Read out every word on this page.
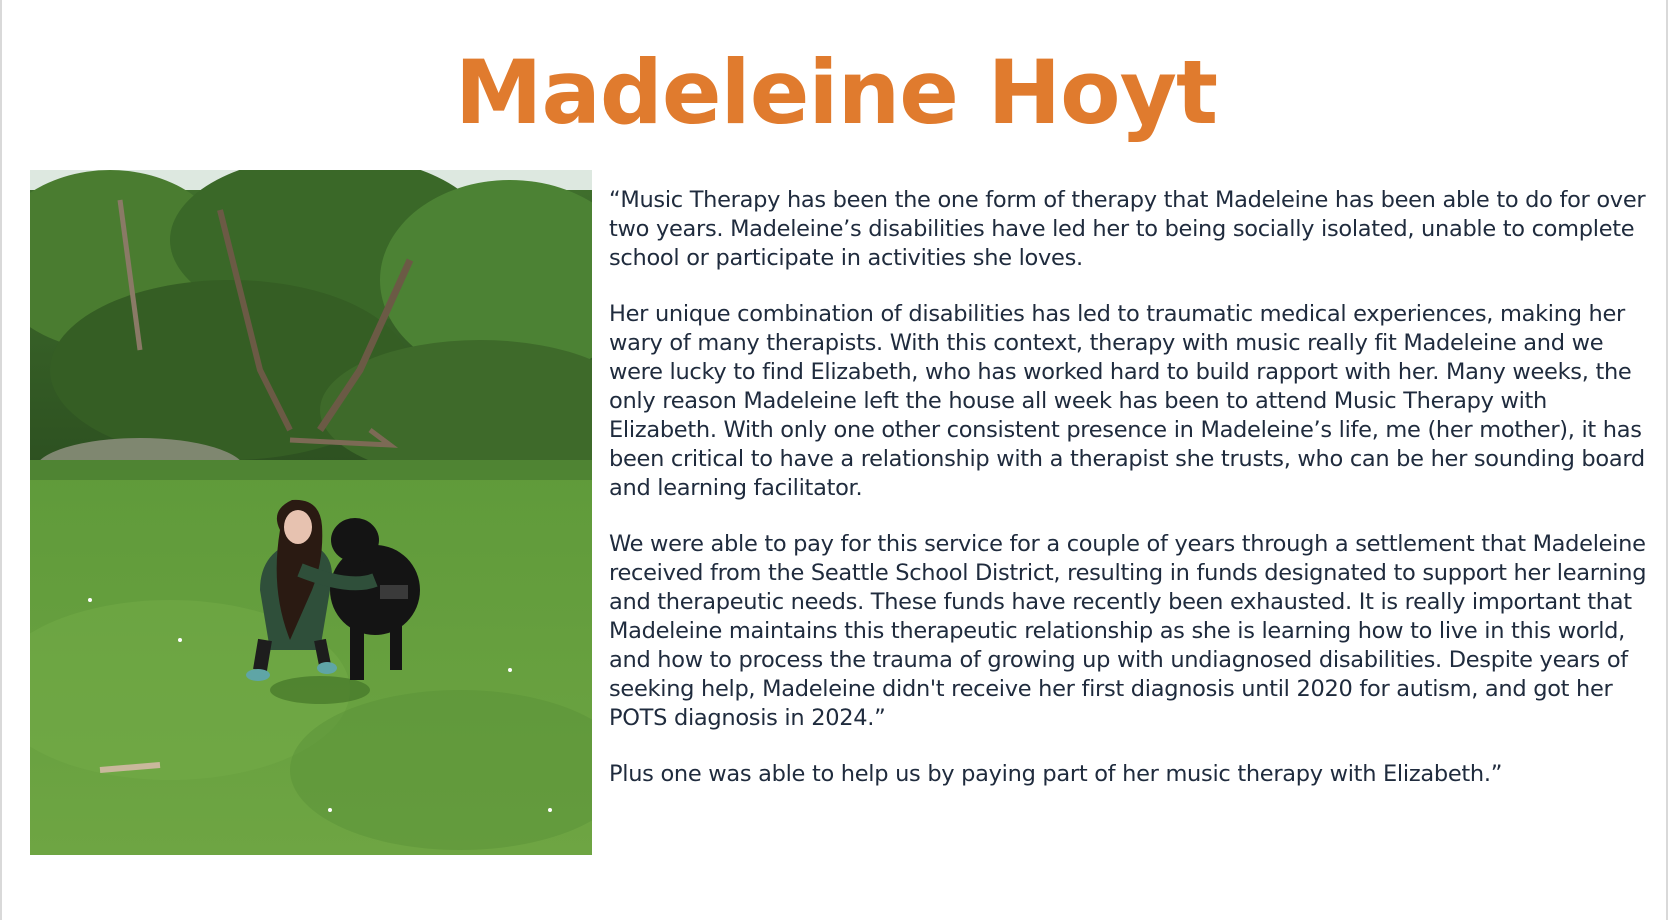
Madeleine Hoyt

“Music Therapy has been the one form of therapy that Madeleine has been able to do for over two years. Madeleine’s disabilities have led her to being socially isolated, unable to complete school or participate in activities she loves.

Her unique combination of disabilities has led to traumatic medical experiences, making her wary of many therapists. With this context, therapy with music really fit Madeleine and we were lucky to find Elizabeth, who has worked hard to build rapport with her. Many weeks, the only reason Madeleine left the house all week has been to attend Music Therapy with Elizabeth. With only one other consistent presence in Madeleine’s life, me (her mother), it has been critical to have a relationship with a therapist she trusts, who can be her sounding board and learning facilitator.

We were able to pay for this service for a couple of years through a settlement that Madeleine received from the Seattle School District, resulting in funds designated to support her learning and therapeutic needs. These funds have recently been exhausted. It is really important that Madeleine maintains this therapeutic relationship as she is learning how to live in this world, and how to process the trauma of growing up with undiagnosed disabilities. Despite years of seeking help, Madeleine didn't receive her first diagnosis until 2020 for autism, and got her POTS diagnosis in 2024.”

Plus one was able to help us by paying part of her music therapy with Elizabeth.”
